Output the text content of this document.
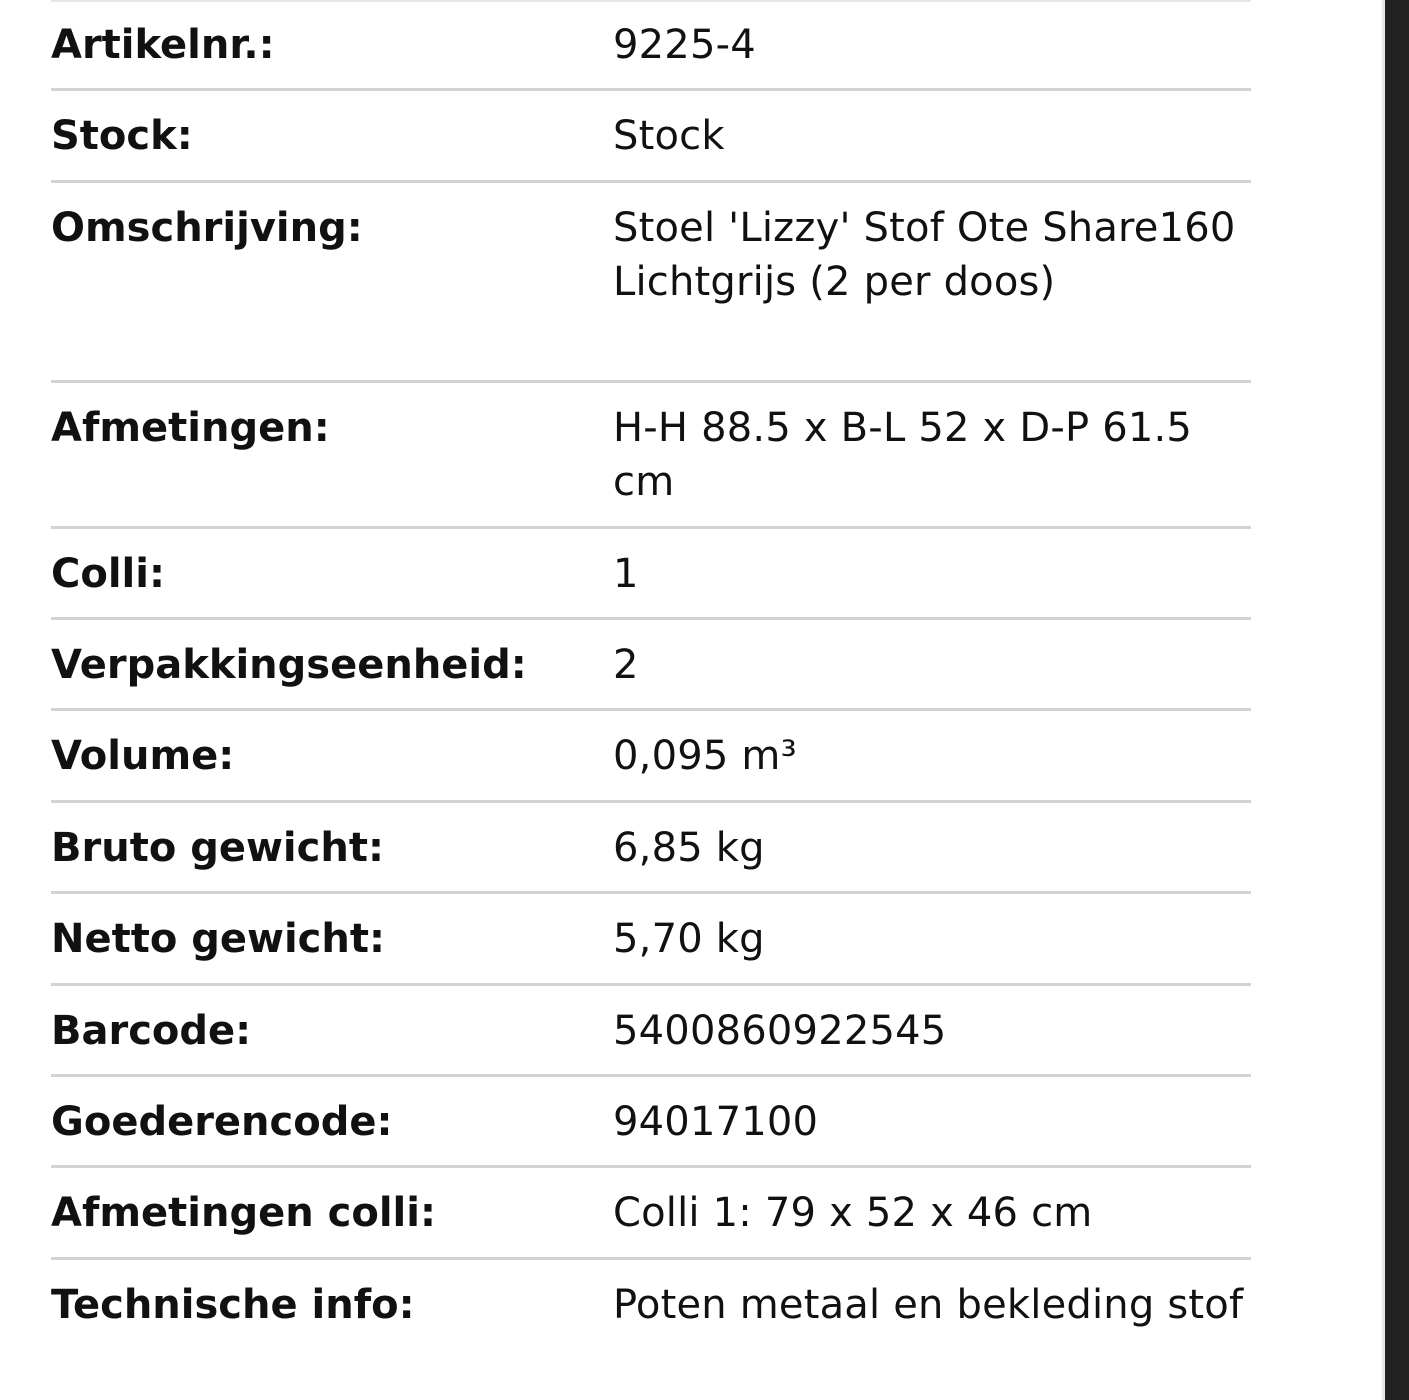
Artikelnr.:	9225-4
Stock:	Stock
Omschrijving:	Stoel 'Lizzy' Stof Ote Share160 Lichtgrijs (2 per doos)
Afmetingen:	H-H 88.5 x B-L 52 x D-P 61.5 cm
Colli:	1
Verpakkingseenheid:	2
Volume:	0,095 m³
Bruto gewicht:	6,85 kg
Netto gewicht:	5,70 kg
Barcode:	5400860922545
Goederencode:	94017100
Afmetingen colli:	Colli 1: 79 x 52 x 46 cm
Technische info:	Poten metaal en bekleding stof
